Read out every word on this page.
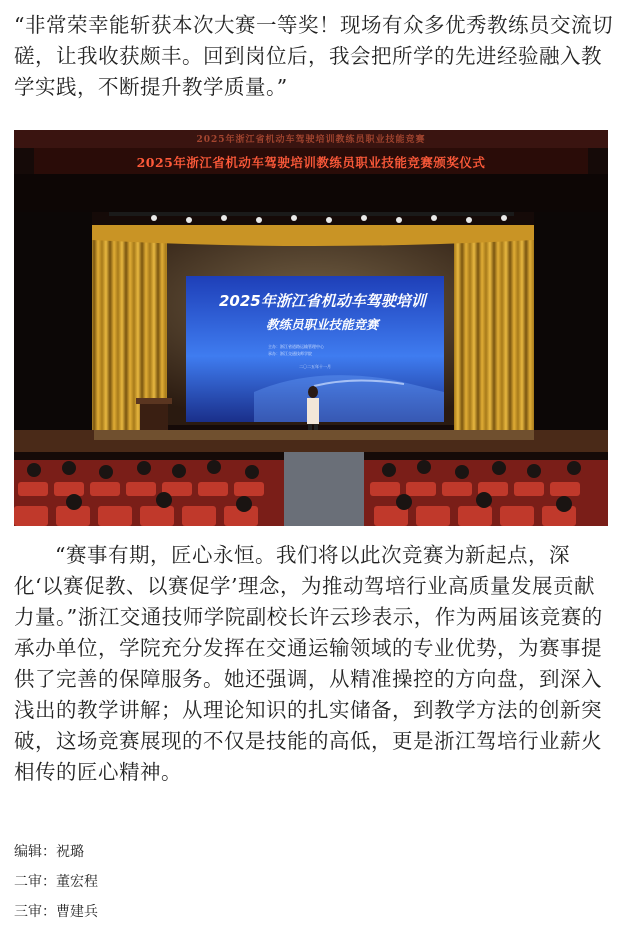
“非常荣幸能斩获本次大赛一等奖！现场有众多优秀教练员交流切磋，让我收获颇丰。回到岗位后，我会把所学的先进经验融入教学实践，不断提升教学质量。”

2025年浙江省机动车驾驶培训教练员职业技能竞赛
2025年浙江省机动车驾驶培训教练员职业技能竞赛颁奖仪式
2025年浙江省机动车驾驶培训
教练员职业技能竞赛
主办：浙江省道路运输管理中心
承办：浙江交通技师学院
二〇二五年十一月

“赛事有期，匠心永恒。我们将以此次竞赛为新起点，深化‘以赛促教、以赛促学’理念，为推动驾培行业高质量发展贡献力量。”浙江交通技师学院副校长许云珍表示，作为两届该竞赛的承办单位，学院充分发挥在交通运输领域的专业优势，为赛事提供了完善的保障服务。她还强调，从精准操控的方向盘，到深入浅出的教学讲解；从理论知识的扎实储备，到教学方法的创新突破，这场竞赛展现的不仅是技能的高低，更是浙江驾培行业薪火相传的匠心精神。

编辑：祝璐
二审：董宏程
三审：曹建兵
